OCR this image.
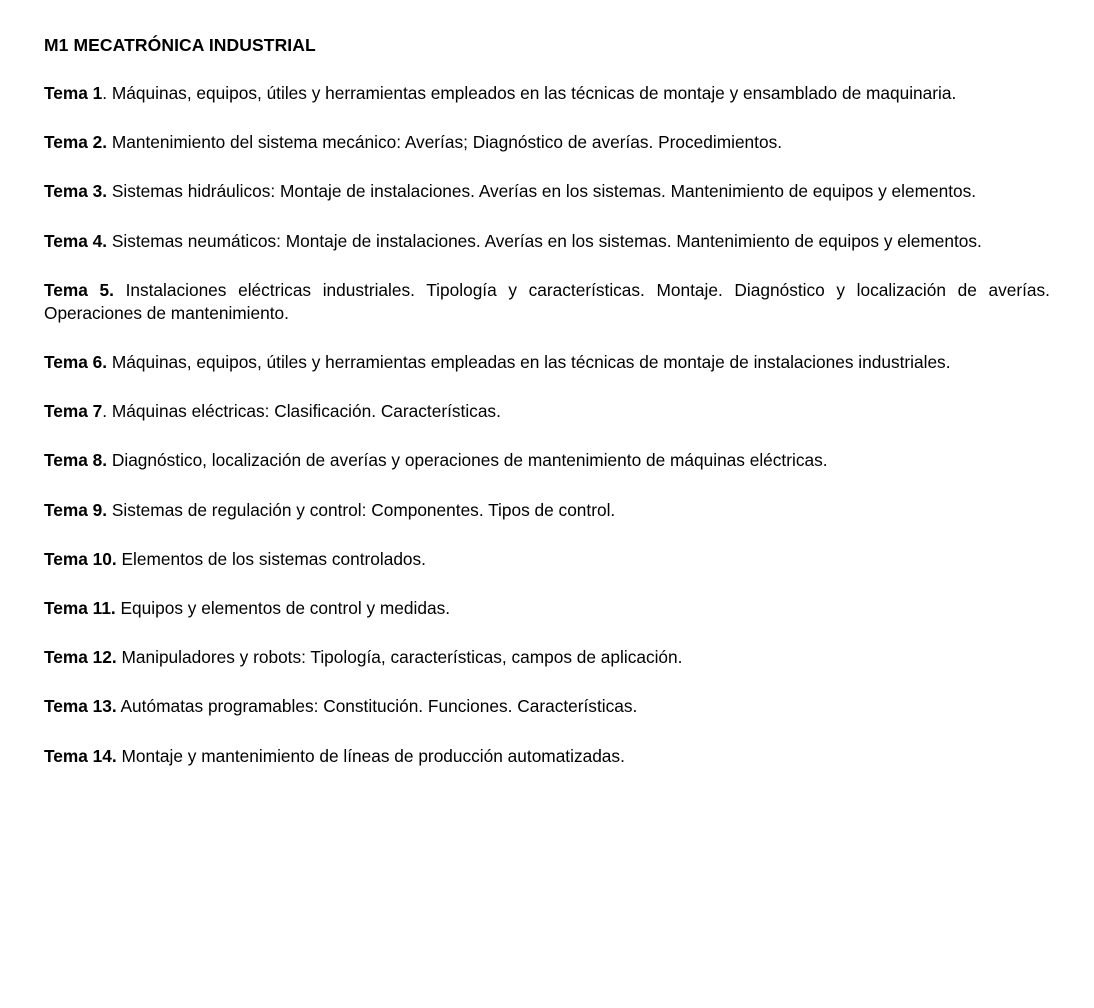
M1 MECATRÓNICA INDUSTRIAL

Tema 1. Máquinas, equipos, útiles y herramientas empleados en las técnicas de montaje y ensamblado de maquinaria.

Tema 2. Mantenimiento del sistema mecánico: Averías; Diagnóstico de averías. Procedimientos.

Tema 3. Sistemas hidráulicos: Montaje de instalaciones. Averías en los sistemas. Mantenimiento de equipos y elementos.

Tema 4. Sistemas neumáticos: Montaje de instalaciones. Averías en los sistemas. Mantenimiento de equipos y elementos.

Tema 5. Instalaciones eléctricas industriales. Tipología y características. Montaje. Diagnóstico y localización de averías. Operaciones de mantenimiento.

Tema 6. Máquinas, equipos, útiles y herramientas empleadas en las técnicas de montaje de instalaciones industriales.

Tema 7. Máquinas eléctricas: Clasificación. Características.

Tema 8. Diagnóstico, localización de averías y operaciones de mantenimiento de máquinas eléctricas.

Tema 9. Sistemas de regulación y control: Componentes. Tipos de control.

Tema 10. Elementos de los sistemas controlados.

Tema 11. Equipos y elementos de control y medidas.

Tema 12. Manipuladores y robots: Tipología, características, campos de aplicación.

Tema 13. Autómatas programables: Constitución. Funciones. Características.

Tema 14. Montaje y mantenimiento de líneas de producción automatizadas.
